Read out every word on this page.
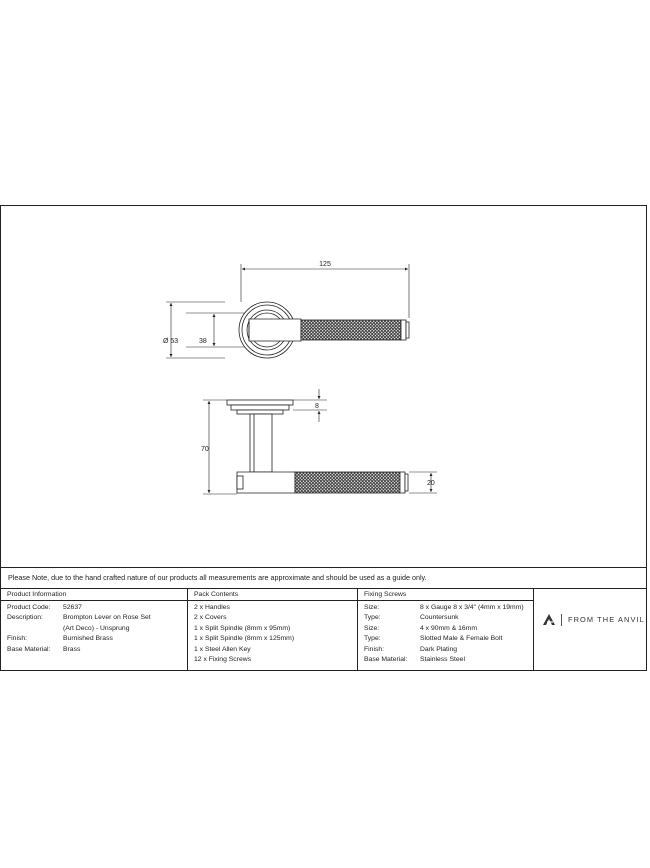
125
Ø 53	38
8
70
20
Please Note, due to the hand crafted nature of our products all measurements are approximate and should be used as a guide only.
Product Information
Product Code:	52637
Description:	Brompton Lever on Rose Set
(Art Deco) - Unsprung
Finish:	Burnished Brass
Base Material:	Brass
Pack Contents
2 x Handles
2 x Covers
1 x Split Spindle (8mm x 95mm)
1 x Split Spindle (8mm x 125mm)
1 x Steel Allen Key
12 x Fixing Screws
Fixing Screws
Size:	8 x Gauge 8 x 3/4" (4mm x 19mm)
Type:	Countersunk
Size:	4 x 90mm & 16mm
Type:	Slotted Male & Female Bolt
Finish:	Dark Plating
Base Material:	Stainless Steel
FROM THE ANVIL
